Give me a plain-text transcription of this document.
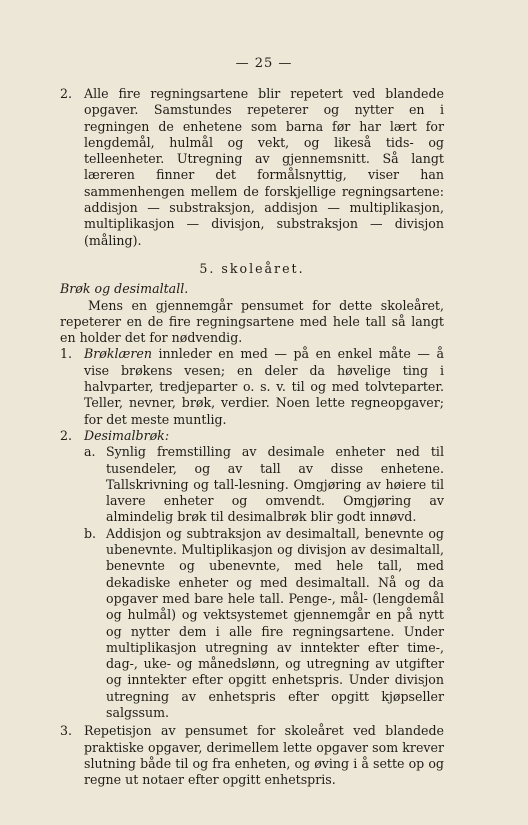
— 25 —
2. Alle fire regningsartene blir repetert ved blandede opgaver. Samstundes repeterer og nytter en i regningen de enhetene som barna før har lært for lengdemål, hulmål og vekt, og likeså tids- og telleenheter. Utregning av gjennemsnitt. Så langt læreren finner det formålsnyttig, viser han sammenhengen mellem de forskjellige regningsartene: addisjon — substraksjon, addisjon — multiplikasjon, multiplikasjon — divisjon, substraksjon — divisjon (måling).

5. skoleåret.

Brøk og desimaltall.

Mens en gjennemgår pensumet for dette skoleåret, repeterer en de fire regningsartene med hele tall så langt en holder det for nødvendig.

1. Brøklæren innleder en med — på en enkel måte — å vise brøkens vesen; en deler da høvelige ting i halvparter, tredjeparter o. s. v. til og med tolvteparter. Teller, nevner, brøk, verdier. Noen lette regneopgaver; for det meste muntlig.

2. Desimalbrøk:

a. Synlig fremstilling av desimale enheter ned til tusendeler, og av tall av disse enhetene. Tallskrivning og tall-lesning. Omgjøring av høiere til lavere enheter og omvendt. Omgjøring av almindelig brøk til desimalbrøk blir godt innøvd.

b. Addisjon og subtraksjon av desimaltall, benevnte og ubenevnte. Multiplikasjon og divisjon av desimaltall, benevnte og ubenevnte, med hele tall, med dekadiske enheter og med desimaltall. Nå og da opgaver med bare hele tall. Penge-, mål- (lengdemål og hulmål) og vektsystemet gjennemgår en på nytt og nytter dem i alle fire regningsartene. Under multiplikasjon utregning av inntekter efter time-, dag-, uke- og månedslønn, og utregning av utgifter og inntekter efter opgitt enhetspris. Under divisjon utregning av enhetspris efter opgitt kjøpseller salgssum.

3. Repetisjon av pensumet for skoleåret ved blandede praktiske opgaver, derimellem lette opgaver som krever slutning både til og fra enheten, og øving i å sette op og regne ut notaer efter opgitt enhetspris.
